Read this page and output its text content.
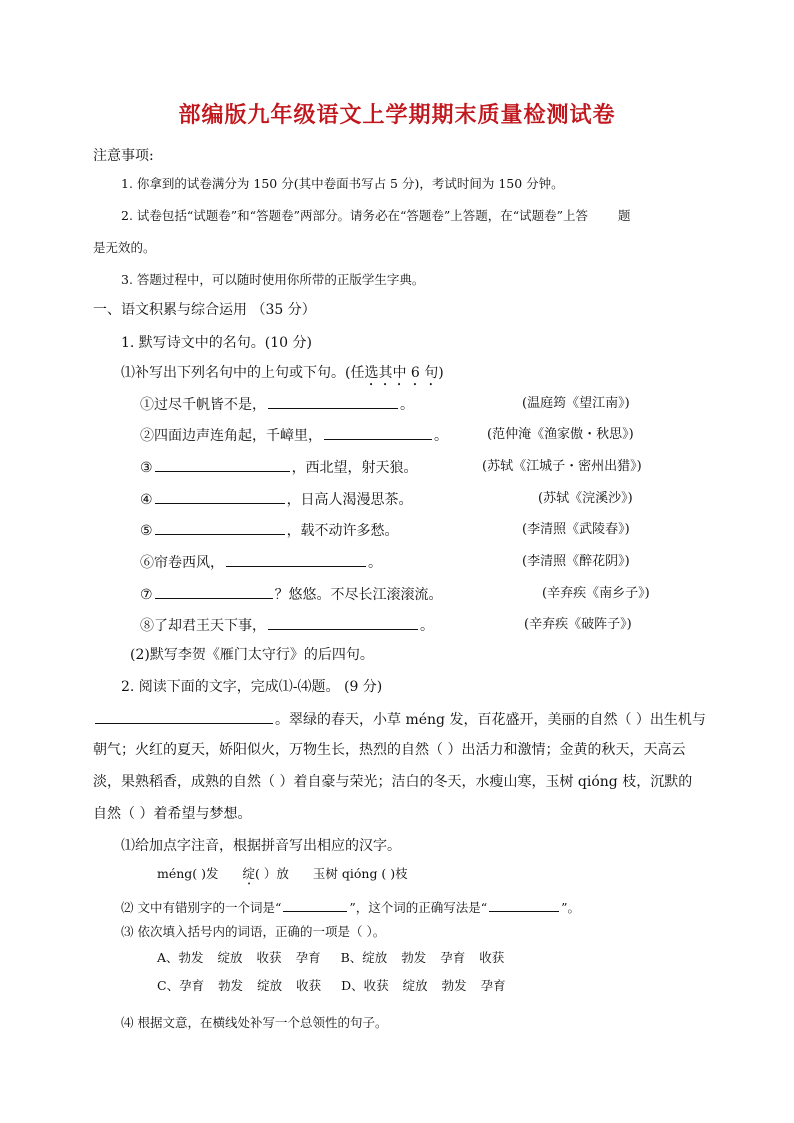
部编版九年级语文上学期期末质量检测试卷
注意事项:
1. 你拿到的试卷满分为 150 分(其中卷面书写占 5 分)，考试时间为 150 分钟。
2. 试卷包括“试题卷”和“答题卷”两部分。请务必在“答题卷”上答题，在“试题卷”上答 题
是无效的。
3. 答题过程中，可以随时使用你所带的正版学生字典。
一、语文积累与综合运用 （35 分）
1. 默写诗文中的名句。(10 分)
⑴补写出下列名句中的上句或下句。(任选其中 6 句)
①过尽千帆皆不是，	。	(温庭筠《望江南》)
②四面边声连角起，千嶂里，	。	(范仲淹《渔家傲・秋思》)
③	，西北望，射天狼。	(苏轼《江城子・密州出猎》)
④	，日高人渴漫思茶。	(苏轼《浣溪沙》)
⑤	，载不动许多愁。	(李清照《武陵春》)
⑥帘卷西风，	。	(李清照《醉花阴》)
⑦	？悠悠。不尽长江滚滚流。	(辛弃疾《南乡子》)
⑧了却君王天下事，	。	(辛弃疾《破阵子》)
(2)默写李贺《雁门太守行》的后四句。
2. 阅读下面的文字，完成⑴-⑷题。 (9 分)
。翠绿的春天，小草 méng 发，百花盛开，美丽的自然（ ）出生机与
朝气；火红的夏天，娇阳似火，万物生长，热烈的自然（ ）出活力和激情；金黄的秋天，天高云
淡，果熟稻香，成熟的自然（ ）着自豪与荣光；洁白的冬天，水瘦山寒，玉树 qióng 枝，沉默的
自然（ ）着希望与梦想。
⑴给加点字注音，根据拼音写出相应的汉字。
méng( )发 绽( ）放 玉树 qióng ( )枝
⑵ 文中有错别字的一个词是“	”，这个词的正确写法是“	”。
⑶ 依次填入括号内的词语，正确的一项是（ ）。
A、勃发 绽放 收获 孕育 B、绽放 勃发 孕育 收获
C、孕育 勃发 绽放 收获 D、收获 绽放 勃发 孕育
⑷ 根据文意，在横线处补写一个总领性的句子。
